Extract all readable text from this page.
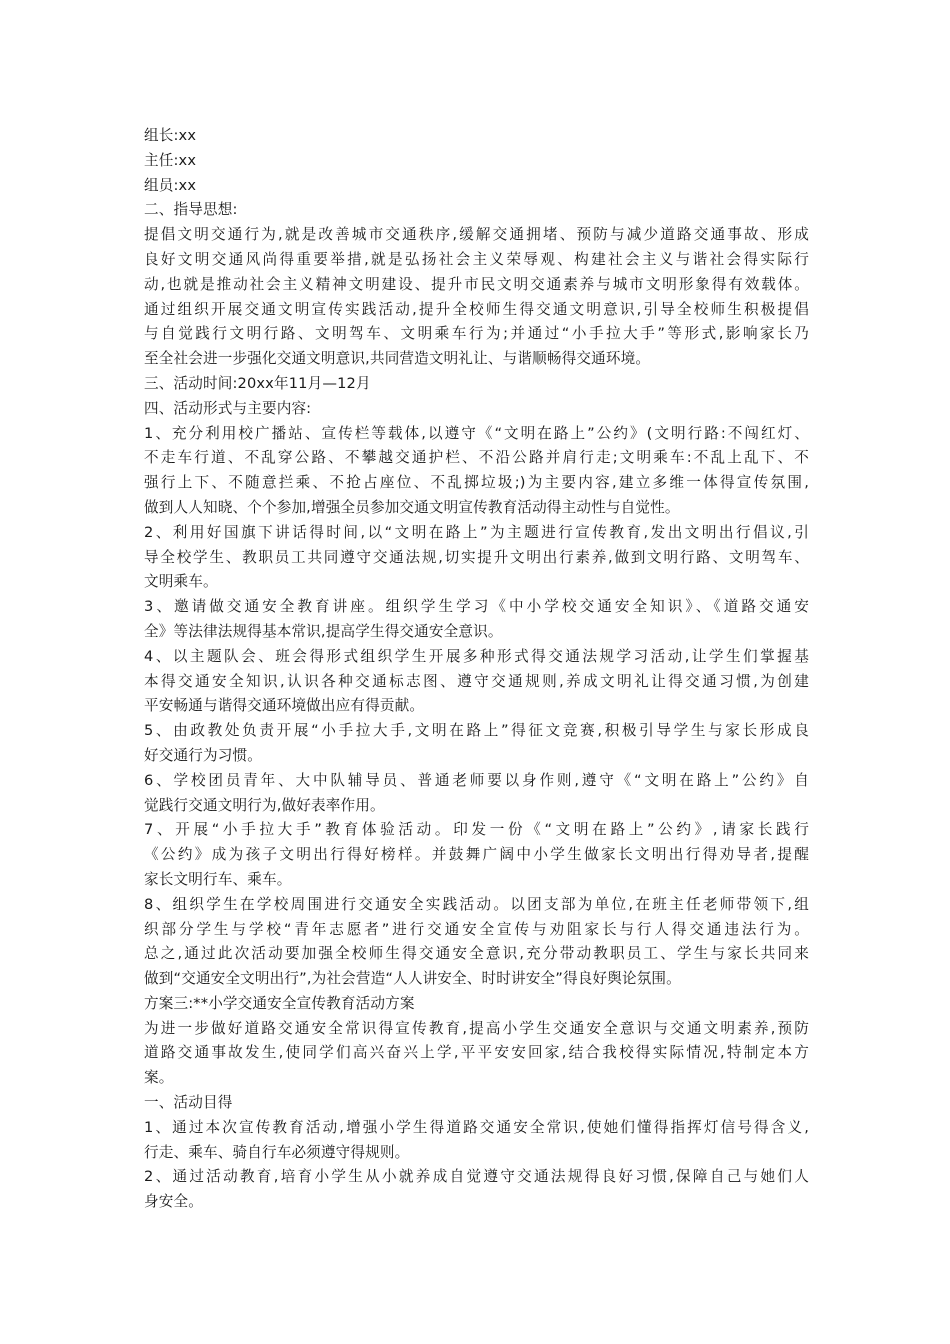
组长:xx
主任:xx
组员:xx
二、指导思想:
提倡文明交通行为,就是改善城市交通秩序,缓解交通拥堵、预防与减少道路交通事故、形成
良好文明交通风尚得重要举措,就是弘扬社会主义荣辱观、构建社会主义与谐社会得实际行
动,也就是推动社会主义精神文明建设、提升市民文明交通素养与城市文明形象得有效载体。
通过组织开展交通文明宣传实践活动,提升全校师生得交通文明意识,引导全校师生积极提倡
与自觉践行文明行路、文明驾车、文明乘车行为;并通过“小手拉大手”等形式,影响家长乃
至全社会进一步强化交通文明意识,共同营造文明礼让、与谐顺畅得交通环境。
三、活动时间:20xx年11月—12月
四、活动形式与主要内容:
1、充分利用校广播站、宣传栏等载体,以遵守《“文明在路上”公约》(文明行路:不闯红灯、
不走车行道、不乱穿公路、不攀越交通护栏、不沿公路并肩行走;文明乘车:不乱上乱下、不
强行上下、不随意拦乘、不抢占座位、不乱掷垃圾;)为主要内容,建立多维一体得宣传氛围,
做到人人知晓、个个参加,增强全员参加交通文明宣传教育活动得主动性与自觉性。
2、利用好国旗下讲话得时间,以“文明在路上”为主题进行宣传教育,发出文明出行倡议,引
导全校学生、教职员工共同遵守交通法规,切实提升文明出行素养,做到文明行路、文明驾车、
文明乘车。
3、邀请做交通安全教育讲座。组织学生学习《中小学校交通安全知识》、《道路交通安
全》等法律法规得基本常识,提高学生得交通安全意识。
4、以主题队会、班会得形式组织学生开展多种形式得交通法规学习活动,让学生们掌握基
本得交通安全知识,认识各种交通标志图、遵守交通规则,养成文明礼让得交通习惯,为创建
平安畅通与谐得交通环境做出应有得贡献。
5、由政教处负责开展“小手拉大手,文明在路上”得征文竞赛,积极引导学生与家长形成良
好交通行为习惯。
6、学校团员青年、大中队辅导员、普通老师要以身作则,遵守《“文明在路上”公约》自
觉践行交通文明行为,做好表率作用。
7、开展“小手拉大手”教育体验活动。印发一份《“文明在路上”公约》,请家长践行
《公约》成为孩子文明出行得好榜样。并鼓舞广阔中小学生做家长文明出行得劝导者,提醒
家长文明行车、乘车。
8、组织学生在学校周围进行交通安全实践活动。以团支部为单位,在班主任老师带领下,组
织部分学生与学校“青年志愿者”进行交通安全宣传与劝阻家长与行人得交通违法行为。
总之,通过此次活动要加强全校师生得交通安全意识,充分带动教职员工、学生与家长共同来
做到“交通安全文明出行”,为社会营造“人人讲安全、时时讲安全”得良好舆论氛围。
方案三:**小学交通安全宣传教育活动方案
为进一步做好道路交通安全常识得宣传教育,提高小学生交通安全意识与交通文明素养,预防
道路交通事故发生,使同学们高兴奋兴上学,平平安安回家,结合我校得实际情况,特制定本方
案。
一、活动目得
1、通过本次宣传教育活动,增强小学生得道路交通安全常识,使她们懂得指挥灯信号得含义,
行走、乘车、骑自行车必须遵守得规则。
2、通过活动教育,培育小学生从小就养成自觉遵守交通法规得良好习惯,保障自己与她们人
身安全。
